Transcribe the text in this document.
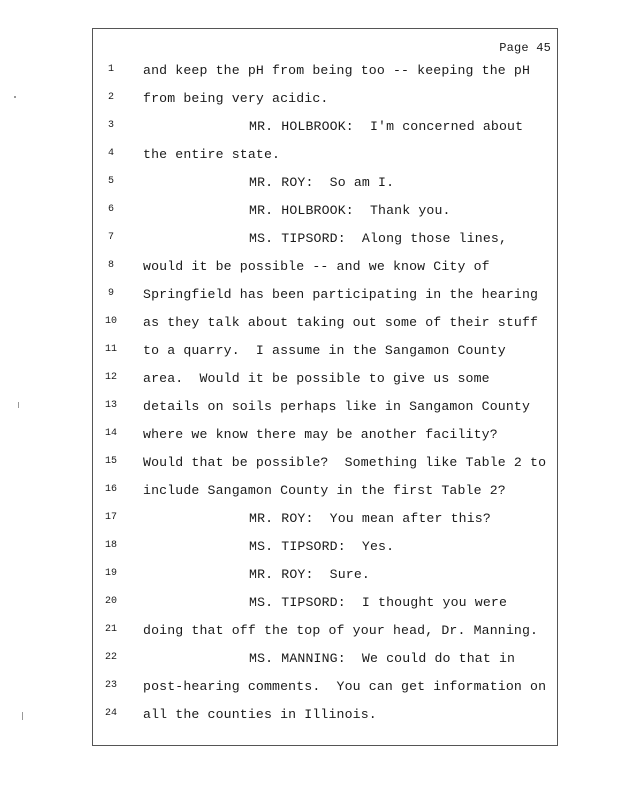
Page 45
1	and keep the pH from being too -- keeping the pH
2	from being very acidic.
3	MR. HOLBROOK:  I'm concerned about
4	the entire state.
5	MR. ROY:  So am I.
6	MR. HOLBROOK:  Thank you.
7	MS. TIPSORD:  Along those lines,
8	would it be possible -- and we know City of
9	Springfield has been participating in the hearing
10	as they talk about taking out some of their stuff
11	to a quarry.  I assume in the Sangamon County
12	area.  Would it be possible to give us some
13	details on soils perhaps like in Sangamon County
14	where we know there may be another facility?
15	Would that be possible?  Something like Table 2 to
16	include Sangamon County in the first Table 2?
17	MR. ROY:  You mean after this?
18	MS. TIPSORD:  Yes.
19	MR. ROY:  Sure.
20	MS. TIPSORD:  I thought you were
21	doing that off the top of your head, Dr. Manning.
22	MS. MANNING:  We could do that in
23	post-hearing comments.  You can get information on
24	all the counties in Illinois.
